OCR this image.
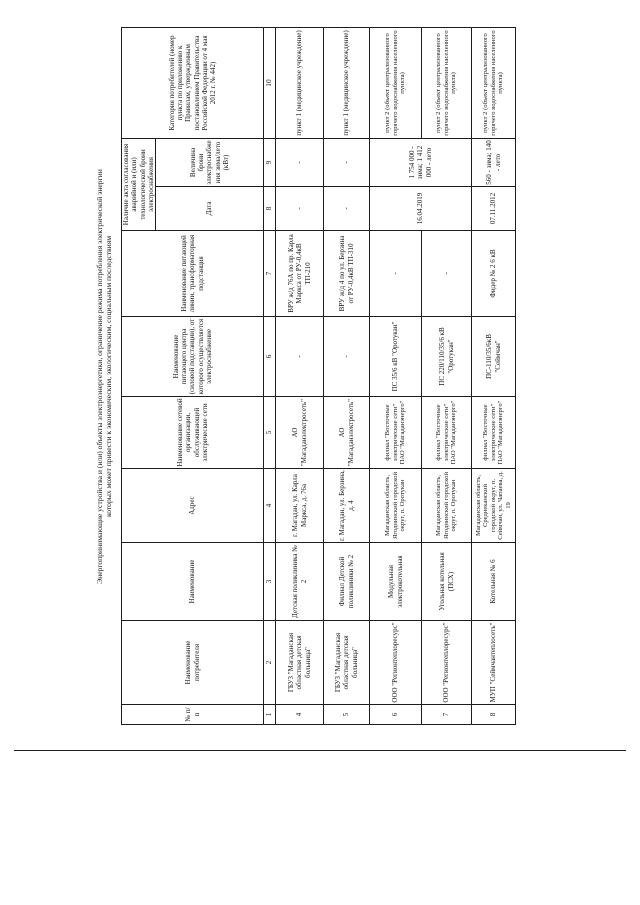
Энергопринимающие устройства и (или) объекты электроэнергетики, ограничение режима потребления электрической энергии которых может привести к экономическим, экологическим, социальным последствиям
№ п/п	Наименование потребителя	Наименование	Адрес	Наименование сетевой организации, обслуживающей электрические сети	Наименование питающего центра (силовой подстанции), от которого осуществляется электроснабжение	Наименование питающей линии, трансформаторная подстанция	Наличие акта согласования аварийной и (или) технологической брони электроснабжения		Категория потребителей (номер пункта по приложению к Правилам, утвержденным постановлением Правительства Российской Федерации от 4 мая 2012 г. № 442)
							Дата	Величина брони электроснабжения зима/лето (кВт)	

1	2	3	4	5	6	7	8	9	10
4	ГБУЗ "Магаданская областная детская больница"	Детская поликлиника № 2	г. Магадан, ул. Карла Маркса, д. 76а	АО "Магаданэлектросеть"	-	ВРУ ж/д 76А по пр. Карла Маркса от РУ-0,4кВ ТП-210	-	-	пункт 1 (медицинское учреждение)
5	ГБУЗ "Магаданская областная детская больница"	Филиал Детской поликлиники № 2	г. Магадан, ул. Берзина, д. 4	АО "Магаданэлектросеть"	-	ВРУ ж/д 4 по ул. Берзина от РУ-0,4кВ ТП-310	-	-	пункт 1 (медицинское учреждение)
6	ООО "Регионтеплоресурс"	Модульная электрокотельная	Магаданская область, Ягоднинский городской округ, п. Оротукан	филиал "Восточные электрические сети" ПАО "Магаданэнерго"	ПС 35/6 кВ "Оротукан"	-	16.04.2019	1 754 000 - зима; 1 412 000 - лето	пункт 2 (объект централизованного горячего водоснабжения населенного пункта)
7	ООО "Регионтеплоресурс"	Угольная котельная (ПСХ)	Магаданская область, Ягоднинский городской округ, п. Оротукан	филиал "Восточные электрические сети" ПАО "Магаданэнерго"	ПС 220/110/35/6 кВ "Оротукан"	-			пункт 2 (объект централизованного горячего водоснабжения населенного пункта)
8	МУП "Сеймчантеплосеть"	Котельная № 6	Магаданская область, Среднеканский городской округ, п. Сеймчан, ул. Чапаева, д. 19	филиал "Восточные электрические сети" ПАО "Магаданэнерго"	ПС-110/35/6кВ "Сеймчан"	Фидер № 2 6 кВ	07.11.2012	560 - зима; 140 - лето	пункт 2 (объект централизованного горячего водоснабжения населенного пункта)
